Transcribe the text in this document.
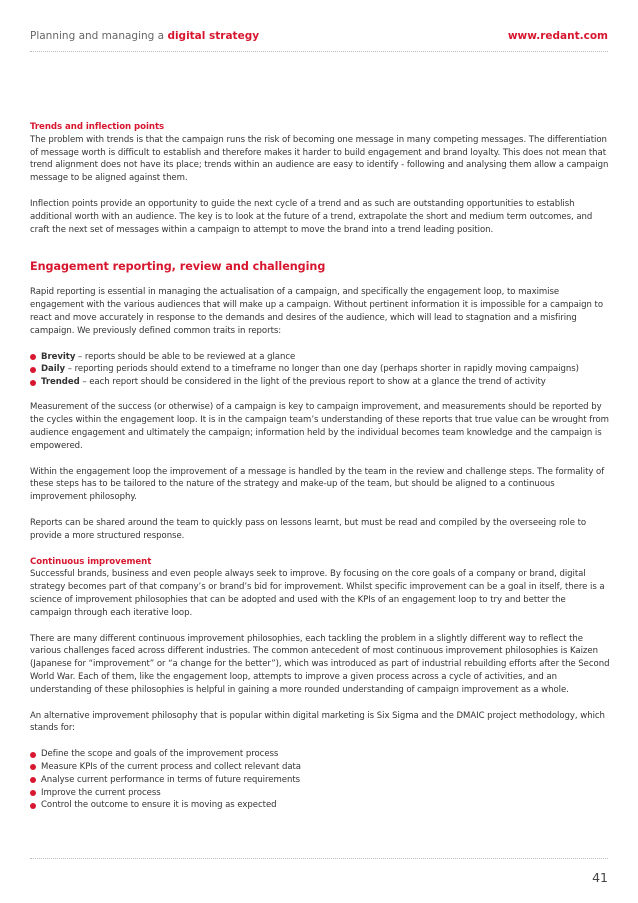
Planning and managing a digital strategy	www.redant.com
Trends and inflection points

The problem with trends is that the campaign runs the risk of becoming one message in many competing messages. The differentiation of message worth is difficult to establish and therefore makes it harder to build engagement and brand loyalty. This does not mean that trend alignment does not have its place; trends within an audience are easy to identify - following and analysing them allow a campaign message to be aligned against them.

Inflection points provide an opportunity to guide the next cycle of a trend and as such are outstanding opportunities to establish additional worth with an audience. The key is to look at the future of a trend, extrapolate the short and medium term outcomes, and craft the next set of messages within a campaign to attempt to move the brand into a trend leading position.

Engagement reporting, review and challenging

Rapid reporting is essential in managing the actualisation of a campaign, and specifically the engagement loop, to maximise engagement with the various audiences that will make up a campaign. Without pertinent information it is impossible for a campaign to react and move accurately in response to the demands and desires of the audience, which will lead to stagnation and a misfiring campaign. We previously defined common traits in reports:

Brevity – reports should be able to be reviewed at a glance
Daily – reporting periods should extend to a timeframe no longer than one day (perhaps shorter in rapidly moving campaigns)
Trended – each report should be considered in the light of the previous report to show at a glance the trend of activity

Measurement of the success (or otherwise) of a campaign is key to campaign improvement, and measurements should be reported by the cycles within the engagement loop. It is in the campaign team’s understanding of these reports that true value can be wrought from audience engagement and ultimately the campaign; information held by the individual becomes team knowledge and the campaign is empowered.

Within the engagement loop the improvement of a message is handled by the team in the review and challenge steps. The formality of these steps has to be tailored to the nature of the strategy and make-up of the team, but should be aligned to a continuous improvement philosophy.

Reports can be shared around the team to quickly pass on lessons learnt, but must be read and compiled by the overseeing role to provide a more structured response.

Continuous improvement

Successful brands, business and even people always seek to improve. By focusing on the core goals of a company or brand, digital strategy becomes part of that company’s or brand’s bid for improvement. Whilst specific improvement can be a goal in itself, there is a science of improvement philosophies that can be adopted and used with the KPIs of an engagement loop to try and better the campaign through each iterative loop.

There are many different continuous improvement philosophies, each tackling the problem in a slightly different way to reflect the various challenges faced across different industries. The common antecedent of most continuous improvement philosophies is Kaizen (Japanese for “improvement” or “a change for the better”), which was introduced as part of industrial rebuilding efforts after the Second World War. Each of them, like the engagement loop, attempts to improve a given process across a cycle of activities, and an understanding of these philosophies is helpful in gaining a more rounded understanding of campaign improvement as a whole.

An alternative improvement philosophy that is popular within digital marketing is Six Sigma and the DMAIC project methodology, which stands for:

Define the scope and goals of the improvement process
Measure KPIs of the current process and collect relevant data
Analyse current performance in terms of future requirements
Improve the current process
Control the outcome to ensure it is moving as expected
41
